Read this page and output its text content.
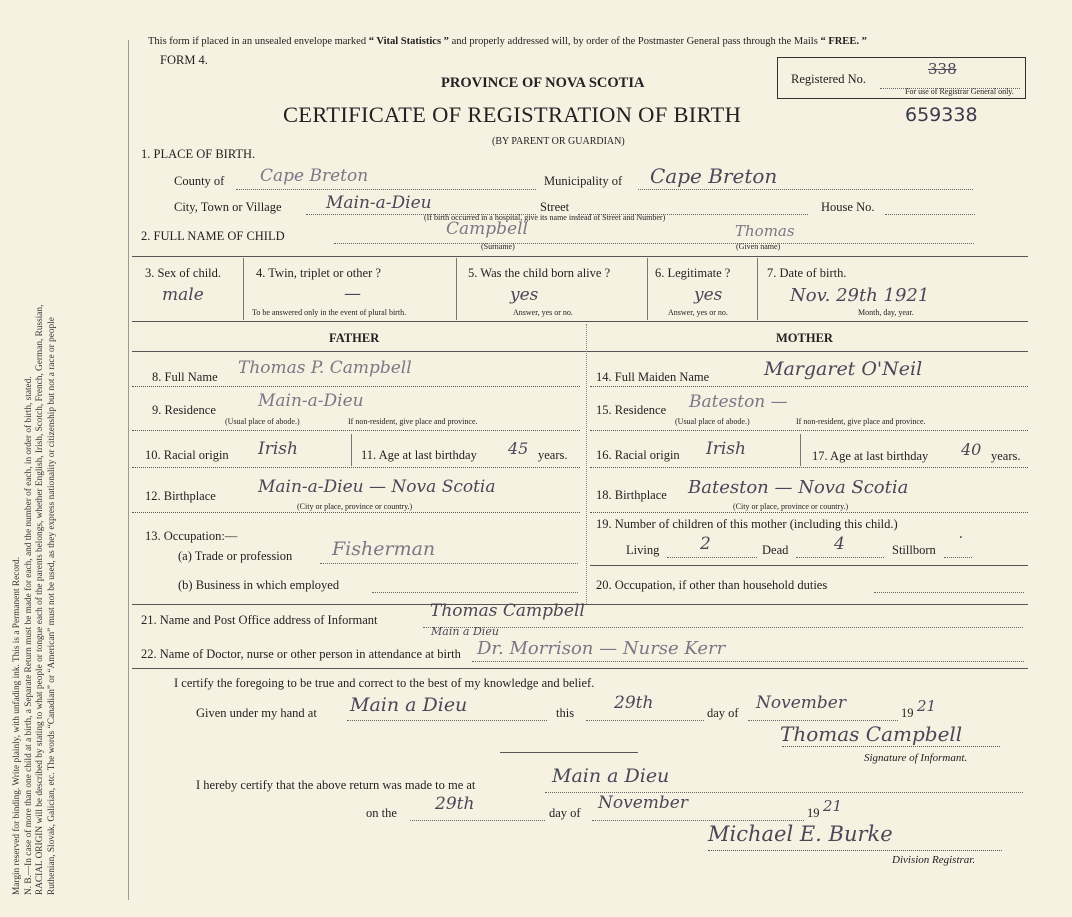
Margin reserved for binding. Write plainly, with unfading ink. This is a Permanent Record. N. B.—In case of more than one child at a birth, a Separate Return must be made for each, and the number of each, in order of birth, stated. RACIAL ORIGIN will be described by stating to what people or tongue each of the parents belongs, whether English, Irish, Scotch, French, German, Russian, Ruthenian, Slovak, Galician, etc. The words “Canadian” or “American” must not be used, as they express nationality or citizenship but not a race or people
This form if placed in an unsealed envelope marked “ Vital Statistics ” and properly addressed will, by order of the Postmaster General pass through the Mails “ FREE. ”
FORM 4.
PROVINCE OF NOVA SCOTIA
CERTIFICATE OF REGISTRATION OF BIRTH
(BY PARENT OR GUARDIAN)
Registered No.
338
For use of Registrar General only.
659338
1. PLACE OF BIRTH.
County of Cape Breton	Municipality of Cape Breton
City, Town or Village	Main-a-Dieu	Street
(If birth occurred in a hospital, give its name instead of Street and Number)
House No.
2. FULL NAME OF CHILD	Campbell	Thomas
(Surname)	(Given name)
3. Sex of child.
male
4. Twin, triplet or other ?
—
To be answered only in the event of plural birth.
5. Was the child born alive ?
yes
Answer, yes or no.
6. Legitimate ?
yes
Answer, yes or no.
7. Date of birth.
Nov. 29th 1921
Month, day, year.
FATHER	MOTHER
8. Full Name Thomas P. Campbell
9. Residence Main-a-Dieu
(Usual place of abode.)	If non-resident, give place and province.
10. Racial origin Irish	11. Age at last birthday 45 years.
12. Birthplace Main-a-Dieu — Nova Scotia
(City or place, province or country.)
13. Occupation:—
(a) Trade or profession Fisherman
(b) Business in which employed
14. Full Maiden Name	Margaret O'Neil
15. Residence Bateston —
(Usual place of abode.)	If non-resident, give place and province.
16. Racial origin Irish	17. Age at last birthday 40 years.
18. Birthplace Bateston — Nova Scotia
(City or place, province or country.)
19. Number of children of this mother (including this child.)
Living 2	Dead	4	Stillborn ˙
20. Occupation, if other than household duties
21. Name and Post Office address of Informant	Thomas Campbell
Main a Dieu
22. Name of Doctor, nurse or other person in attendance at birth Dr. Morrison — Nurse Kerr
I certify the foregoing to be true and correct to the best of my knowledge and belief.
Given under my hand at Main a Dieu	this 29th	day of November	19 21
Thomas Campbell
Signature of Informant.
I hereby certify that the above return was made to me at	Main a Dieu
on the 29th	day of November	19 21
Michael E. Burke
Division Registrar.
